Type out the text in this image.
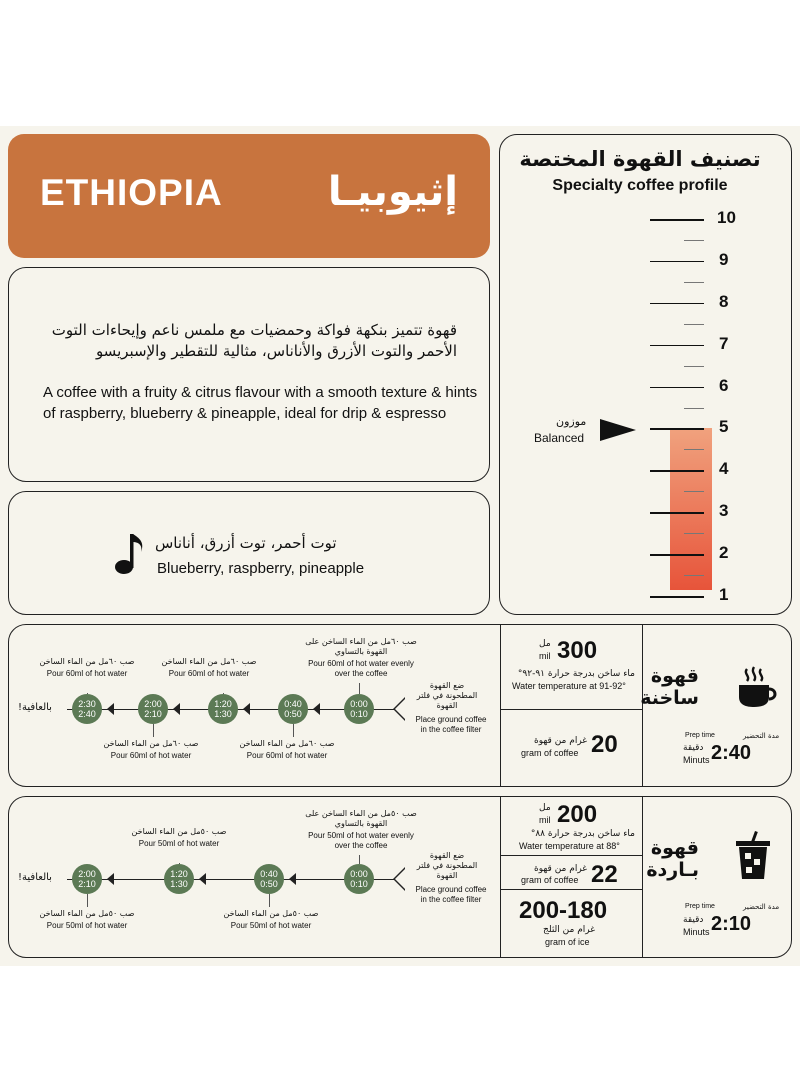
ETHIOPIA	إثيوبيـا
قهوة تتميز بنكهة فواكة وحمضيات مع ملمس ناعم وإيحاءات التوت الأحمر والتوت الأزرق والأناناس، مثالية للتقطير والإسبريسو
A coffee with a fruity & citrus flavour with a smooth texture & hints of raspberry, blueberry & pineapple, ideal for drip & espresso
توت أحمر، توت أزرق، أناناس
Blueberry, raspberry, pineapple
تصنيف القهوة المختصة
Specialty coffee profile
10
9
8
7
6
5
4
3
2
1
موزون
Balanced
ضع القهوة المطحونة في فلتر القهوة
Place ground coffee in the coffee filter
بالعافية!	0:00
0:10
0:40
0:50
1:20
1:30
2:00
2:10
2:30
2:40
صب ٦٠مل من الماء الساخن على القهوة بالتساوي
Pour 60ml of hot water evenly over the coffee
صب ٦٠مل من الماء الساخن
Pour 60ml of hot water
صب ٦٠مل من الماء الساخن
Pour 60ml of hot water
صب ٦٠مل من الماء الساخن
Pour 60ml of hot water
صب ٦٠مل من الماء الساخن
Pour 60ml of hot water
300
مل
mil
ماء ساخن بدرجة حرارة ٩١-٩٢°
Water temperature at 91-92°
20
غرام من قهوة
gram of coffee
قهوة
ساخنة
Prep time	مدة التحضير
دقيقة
Minuts 2:40
ضع القهوة المطحونة في فلتر القهوة
Place ground coffee in the coffee filter
بالعافية!	0:00
0:10
0:40
0:50
1:20
1:30
2:00
2:10
صب ٥٠مل من الماء الساخن على القهوة بالتساوي
Pour 50ml of hot water evenly over the coffee
صب ٥٠مل من الماء الساخن
Pour 50ml of hot water
صب ٥٠مل من الماء الساخن
Pour 50ml of hot water
صب ٥٠مل من الماء الساخن
Pour 50ml of hot water
200
مل
mil
ماء ساخن بدرجة حرارة ٨٨°
Water temperature at 88°
22
غرام من قهوة
gram of coffee
200-180
غرام من الثلج
gram of ice
قهوة
بـاردة
Prep time	مدة التحضير
دقيقة
Minuts 2:10
